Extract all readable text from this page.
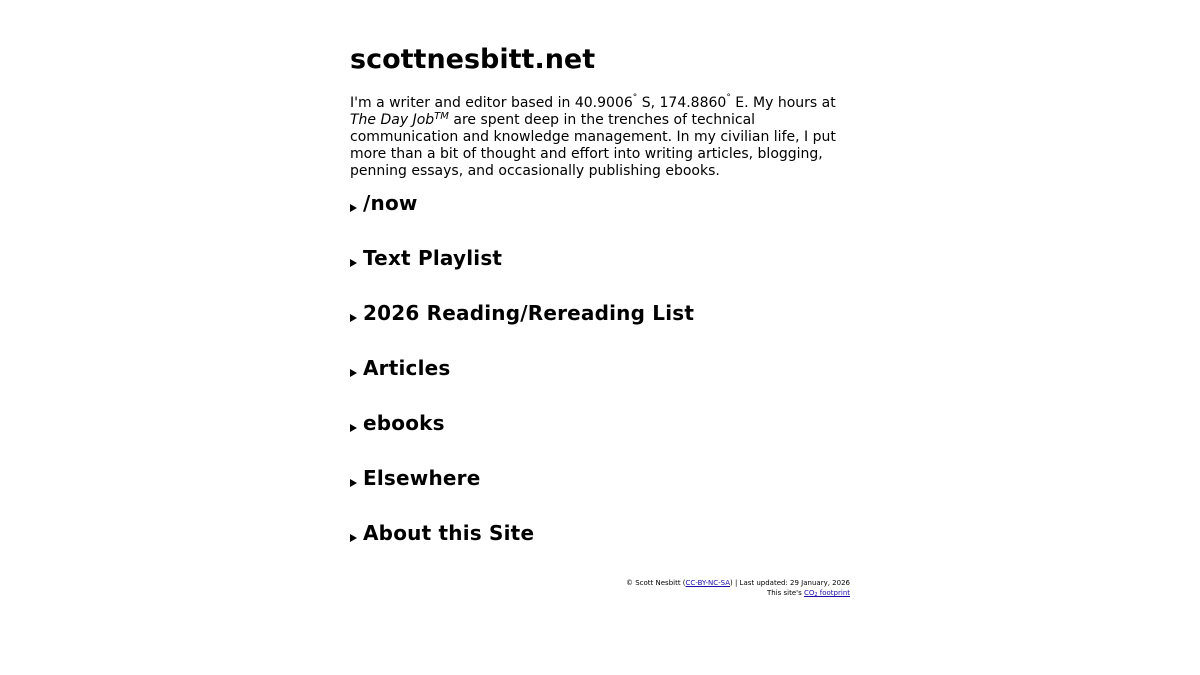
scottnesbitt.net

I'm a writer and editor based in 40.9006° S, 174.8860° E. My hours at The Day Job™ are spent deep in the trenches of technical communication and knowledge management. In my civilian life, I put more than a bit of thought and effort into writing articles, blogging, penning essays, and occasionally publishing ebooks.

/now
Text Playlist
2026 Reading/Rereading List
Articles
ebooks
Elsewhere
About this Site
© Scott Nesbitt (CC-BY-NC-SA) | Last updated: 29 January, 2026
This site's $CO_2$ footprint
